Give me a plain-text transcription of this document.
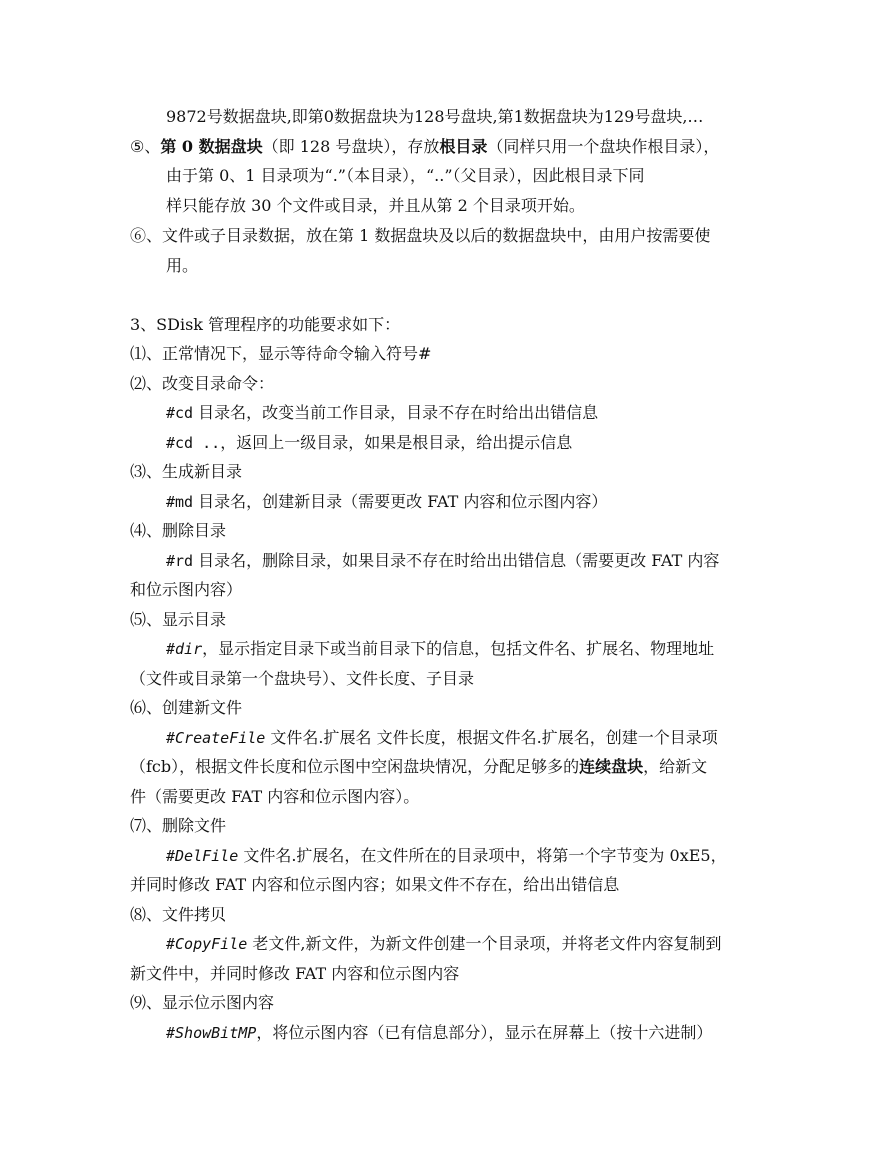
9872号数据盘块,即第0数据盘块为128号盘块,第1数据盘块为129号盘块,…
⑤、第 0 数据盘块（即 128 号盘块），存放根目录（同样只用一个盘块作根目录），
由于第 0、1 目录项为“.”（本目录），“..”（父目录），因此根目录下同
样只能存放 30 个文件或目录，并且从第 2 个目录项开始。
⑥、文件或子目录数据，放在第 1 数据盘块及以后的数据盘块中，由用户按需要使
用。
3、SDisk 管理程序的功能要求如下：
⑴、正常情况下，显示等待命令输入符号#
⑵、改变目录命令：
#cd 目录名，改变当前工作目录，目录不存在时给出出错信息
#cd ..，返回上一级目录，如果是根目录，给出提示信息
⑶、生成新目录
#md 目录名，创建新目录（需要更改 FAT 内容和位示图内容）
⑷、删除目录
#rd 目录名，删除目录，如果目录不存在时给出出错信息（需要更改 FAT 内容
和位示图内容）
⑸、显示目录
#dir，显示指定目录下或当前目录下的信息，包括文件名、扩展名、物理地址
（文件或目录第一个盘块号）、文件长度、子目录
⑹、创建新文件
#CreateFile 文件名.扩展名 文件长度，根据文件名.扩展名，创建一个目录项
（fcb），根据文件长度和位示图中空闲盘块情况，分配足够多的连续盘块，给新文
件（需要更改 FAT 内容和位示图内容）。
⑺、删除文件
#DelFile 文件名.扩展名，在文件所在的目录项中，将第一个字节变为 0xE5，
并同时修改 FAT 内容和位示图内容；如果文件不存在，给出出错信息
⑻、文件拷贝
#CopyFile 老文件,新文件，为新文件创建一个目录项，并将老文件内容复制到
新文件中，并同时修改 FAT 内容和位示图内容
⑼、显示位示图内容
#ShowBitMP，将位示图内容（已有信息部分），显示在屏幕上（按十六进制）
